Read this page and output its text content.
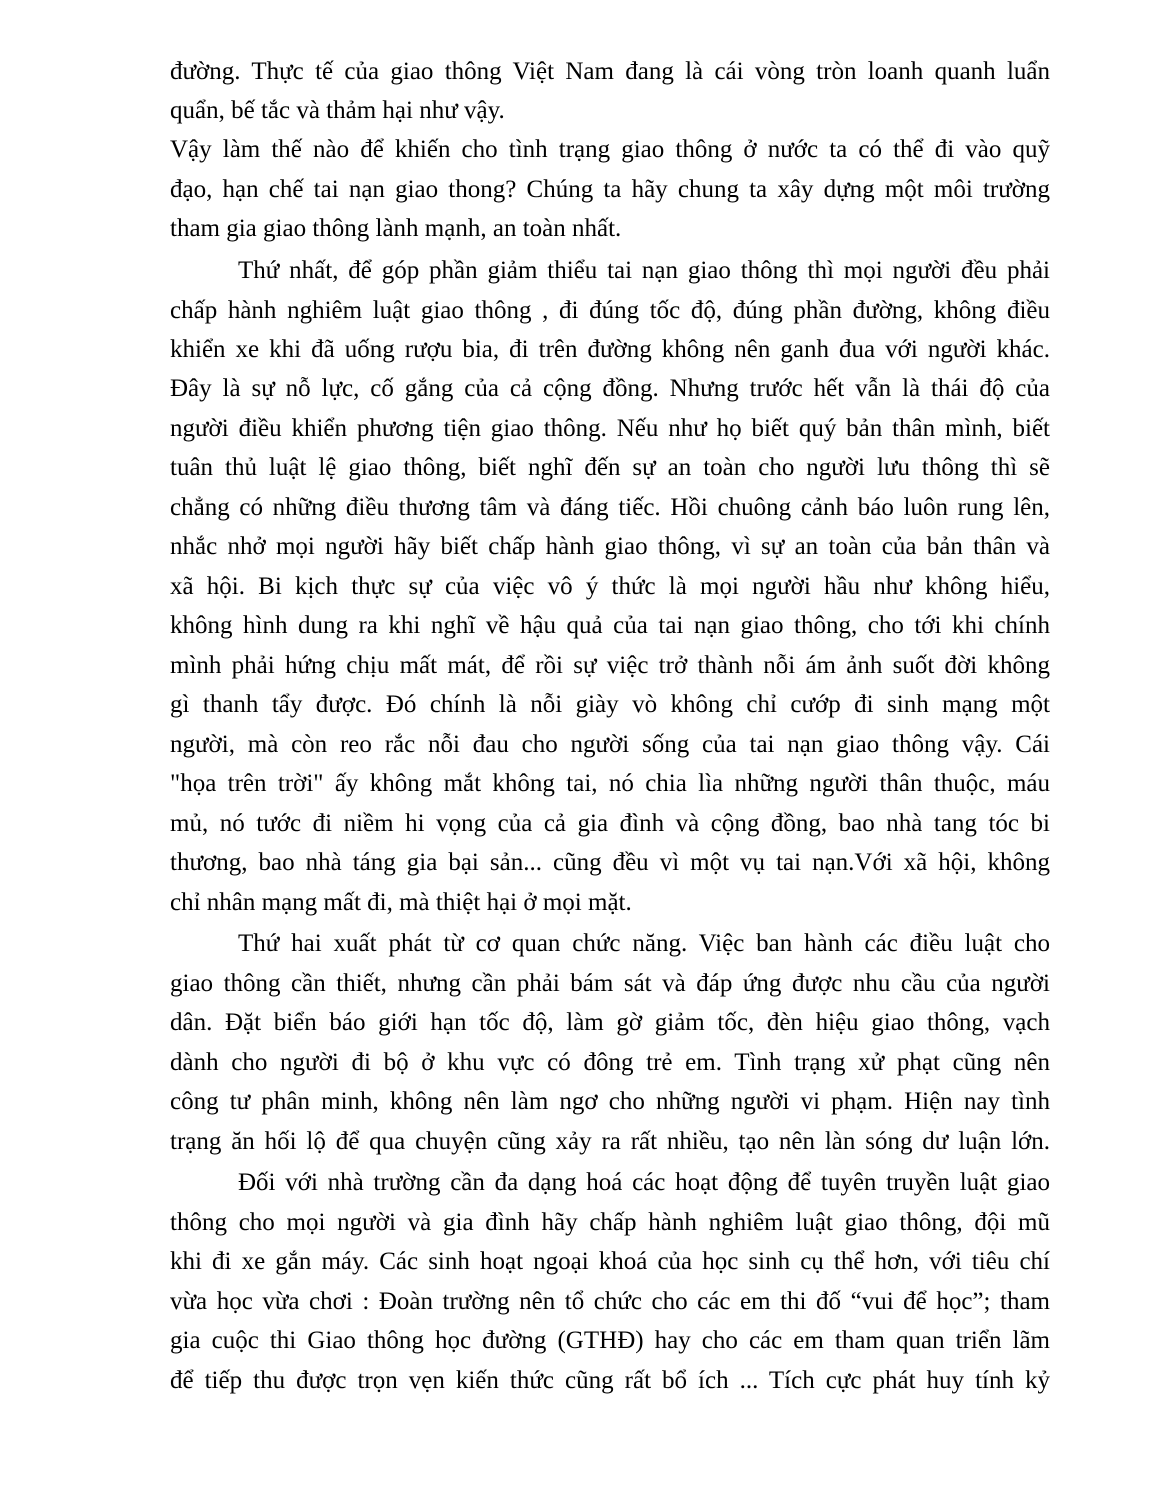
đường. Thực tế của giao thông Việt Nam đang là cái vòng tròn loanh quanh luẩn

quẩn, bế tắc và thảm hại như vậy.

Vậy làm thế nào để khiến cho tình trạng giao thông ở nước ta có thể đi vào quỹ

đạo, hạn chế tai nạn giao thong? Chúng ta hãy chung ta xây dựng một môi trường

tham gia giao thông lành mạnh, an toàn nhất.

Thứ nhất, để góp phần giảm thiểu tai nạn giao thông thì mọi người đều phải

chấp hành nghiêm luật giao thông , đi đúng tốc độ, đúng phần đường, không điều

khiển xe khi đã uống rượu bia, đi trên đường không nên ganh đua với người khác.

Đây là sự nỗ lực, cố gắng của cả cộng đồng. Nhưng trước hết vẫn là thái độ của

người điều khiển phương tiện giao thông. Nếu như họ biết quý bản thân mình, biết

tuân thủ luật lệ giao thông, biết nghĩ đến sự an toàn cho người lưu thông thì sẽ

chẳng có những điều thương tâm và đáng tiếc. Hồi chuông cảnh báo luôn rung lên,

nhắc nhở mọi người hãy biết chấp hành giao thông, vì sự an toàn của bản thân và

xã hội. Bi kịch thực sự của việc vô ý thức là mọi người hầu như không hiểu,

không hình dung ra khi nghĩ về hậu quả của tai nạn giao thông, cho tới khi chính

mình phải hứng chịu mất mát, để rồi sự việc trở thành nỗi ám ảnh suốt đời không

gì thanh tẩy được. Đó chính là nỗi giày vò không chỉ cướp đi sinh mạng một

người, mà còn reo rắc nỗi đau cho người sống của tai nạn giao thông vậy. Cái

"họa trên trời" ấy không mắt không tai, nó chia lìa những người thân thuộc, máu

mủ, nó tước đi niềm hi vọng của cả gia đình và cộng đồng, bao nhà tang tóc bi

thương, bao nhà táng gia bại sản... cũng đều vì một vụ tai nạn.Với xã hội, không

chỉ nhân mạng mất đi, mà thiệt hại ở mọi mặt.

Thứ hai xuất phát từ cơ quan chức năng. Việc ban hành các điều luật cho

giao thông cần thiết, nhưng cần phải bám sát và đáp ứng được nhu cầu của người

dân. Đặt biển báo giới hạn tốc độ, làm gờ giảm tốc, đèn hiệu giao thông, vạch

dành cho người đi bộ ở khu vực có đông trẻ em. Tình trạng xử phạt cũng nên

công tư phân minh, không nên làm ngơ cho những người vi phạm. Hiện nay tình

trạng ăn hối lộ để qua chuyện cũng xảy ra rất nhiều, tạo nên làn sóng dư luận lớn.

Đối với nhà trường cần đa dạng hoá các hoạt động để tuyên truyền luật giao

thông cho mọi người và gia đình hãy chấp hành nghiêm luật giao thông, đội mũ

khi đi xe gắn máy. Các sinh hoạt ngoại khoá của học sinh cụ thể hơn, với tiêu chí

vừa học vừa chơi : Đoàn trường nên tổ chức cho các em thi đố “vui để học”; tham

gia cuộc thi Giao thông học đường (GTHĐ) hay cho các em tham quan triển lãm

để tiếp thu được trọn vẹn kiến thức cũng rất bổ ích ... Tích cực phát huy tính kỷ
